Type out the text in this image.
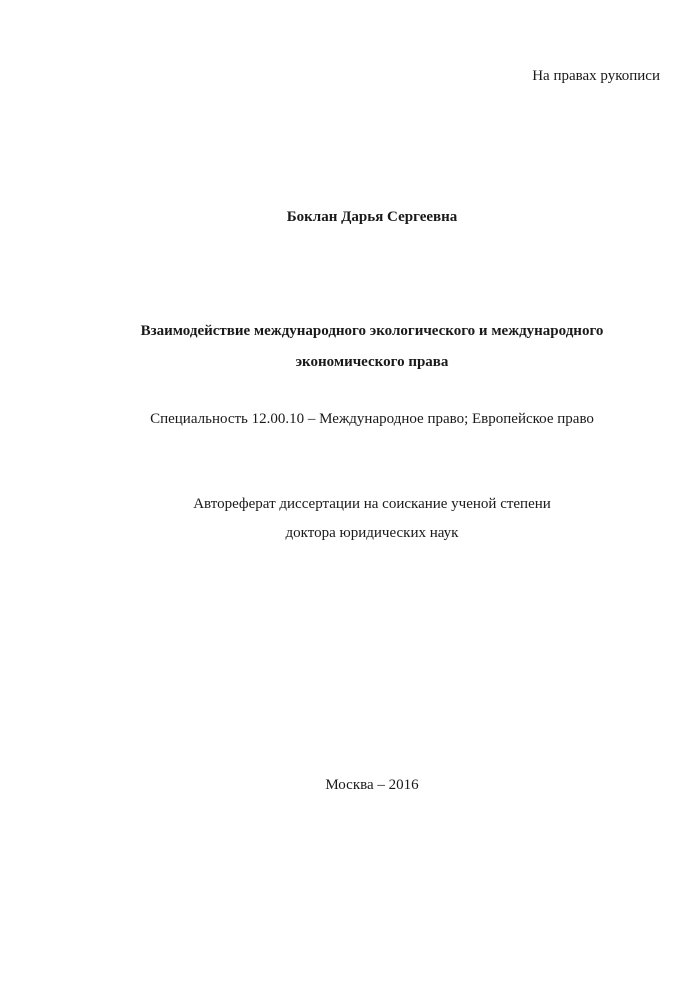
На правах рукописи
Боклан Дарья Сергеевна
Взаимодействие международного экологического и международного
экономического права
Специальность 12.00.10 – Международное право; Европейское право
Автореферат диссертации на соискание ученой степени
доктора юридических наук
Москва – 2016
